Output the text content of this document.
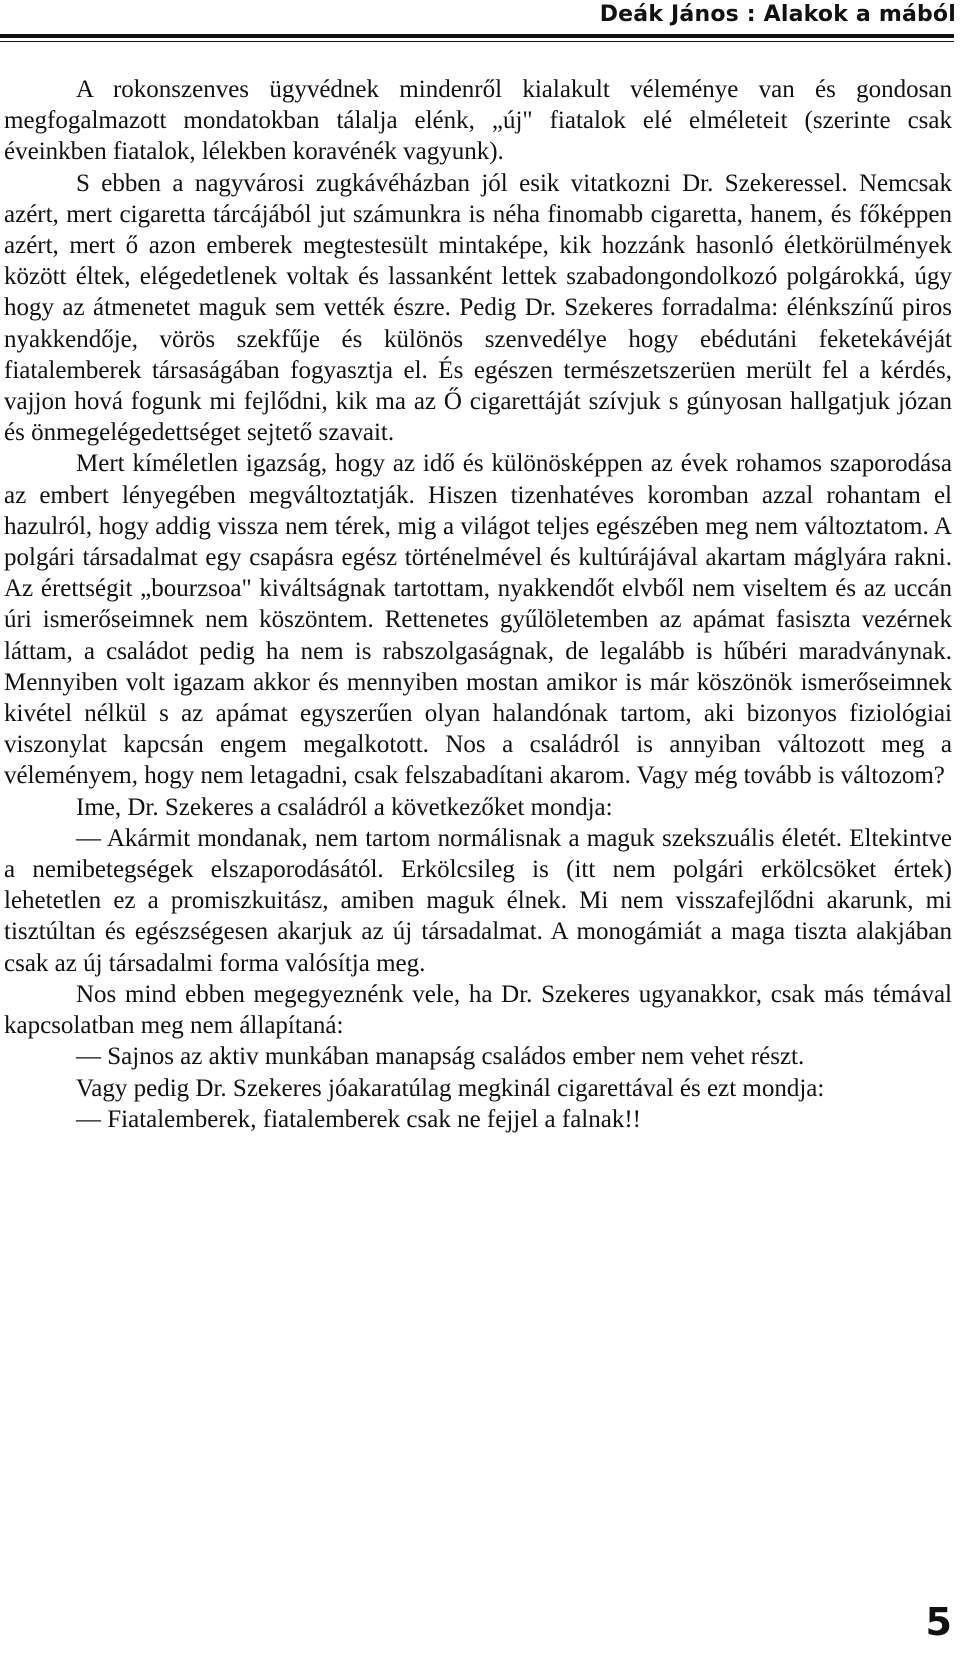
Deák János : Alakok a mából

A rokonszenves ügyvédnek mindenről kialakult véleménye van és gondosan megfogalmazott mondatokban tálalja elénk, „új" fiatalok elé elméleteit (szerinte csak éveinkben fiatalok, lélekben koravénék vagyunk).

S ebben a nagyvárosi zugkávéházban jól esik vitatkozni Dr. Szekeressel. Nemcsak azért, mert cigaretta tárcájából jut számunkra is néha finomabb cigaretta, hanem, és főképpen azért, mert ő azon emberek megtestesült mintaképe, kik hozzánk hasonló életkörülmények között éltek, elégedetlenek voltak és lassanként lettek szabadongondolkozó polgárokká, úgy hogy az átmenetet maguk sem vették észre. Pedig Dr. Szekeres forradalma: élénkszínű piros nyakkendője, vörös szekfűje és különös szenvedélye hogy ebédutáni feketekávéját fiatalemberek társaságában fogyasztja el. És egészen természetszerüen merült fel a kérdés, vajjon hová fogunk mi fejlődni, kik ma az Ő cigarettáját szívjuk s gúnyosan hallgatjuk józan és önmegelégedettséget sejtető szavait.

Mert kíméletlen igazság, hogy az idő és különösképpen az évek rohamos szaporodása az embert lényegében megváltoztatják. Hiszen tizenhatéves koromban azzal rohantam el hazulról, hogy addig vissza nem térek, mig a világot teljes egészében meg nem változtatom. A polgári társadalmat egy csapásra egész történelmével és kultúrájával akartam máglyára rakni. Az érettségit „bourzsoa" kiváltságnak tartottam, nyakkendőt elvből nem viseltem és az uccán úri ismerőseimnek nem köszöntem. Rettenetes gyűlöletemben az apámat fasiszta vezérnek láttam, a családot pedig ha nem is rabszolgaságnak, de legalább is hűbéri maradványnak. Mennyiben volt igazam akkor és mennyiben mostan amikor is már köszönök ismerőseimnek kivétel nélkül s az apámat egyszerűen olyan halandónak tartom, aki bizonyos fiziológiai viszonylat kapcsán engem megalkotott. Nos a családról is annyiban változott meg a véleményem, hogy nem letagadni, csak felszabadítani akarom. Vagy még tovább is változom?

Ime, Dr. Szekeres a családról a következőket mondja:

— Akármit mondanak, nem tartom normálisnak a maguk szekszuális életét. Eltekintve a nemibetegségek elszaporodásától. Erkölcsileg is (itt nem polgári erkölcsöket értek) lehetetlen ez a promiszkuitász, amiben maguk élnek. Mi nem visszafejlődni akarunk, mi tisztúltan és egészségesen akarjuk az új társadalmat. A monogámiát a maga tiszta alakjában csak az új társadalmi forma valósítja meg.

Nos mind ebben megegyeznénk vele, ha Dr. Szekeres ugyanakkor, csak más témával kapcsolatban meg nem állapítaná:

— Sajnos az aktiv munkában manapság családos ember nem vehet részt.

Vagy pedig Dr. Szekeres jóakaratúlag megkinál cigarettával és ezt mondja:

— Fiatalemberek, fiatalemberek csak ne fejjel a falnak!!

5
